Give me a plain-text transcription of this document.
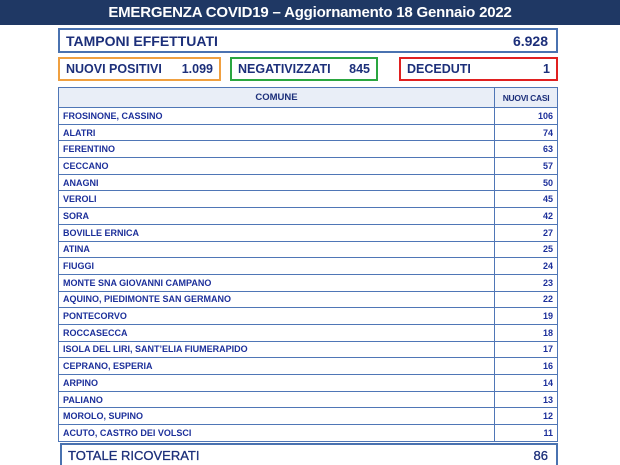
EMERGENZA COVID19 – Aggiornamento 18 Gennaio 2022
TAMPONI EFFETTUATI	6.928
NUOVI POSITIVI 1.099 NEGATIVIZZATI 845	DECEDUTI	1
COMUNE	NUOVI CASI
FROSINONE, CASSINO	106
ALATRI	74
FERENTINO	63
CECCANO	57
ANAGNI	50
VEROLI	45
SORA	42
BOVILLE ERNICA	27
ATINA	25
FIUGGI	24
MONTE SNA GIOVANNI CAMPANO	23
AQUINO, PIEDIMONTE SAN GERMANO	22
PONTECORVO	19
ROCCASECCA	18
ISOLA DEL LIRI, SANT’ELIA FIUMERAPIDO	17
CEPRANO, ESPERIA	16
ARPINO	14
PALIANO	13
MOROLO, SUPINO	12
ACUTO, CASTRO DEI VOLSCI	11
TOTALE RICOVERATI	86
